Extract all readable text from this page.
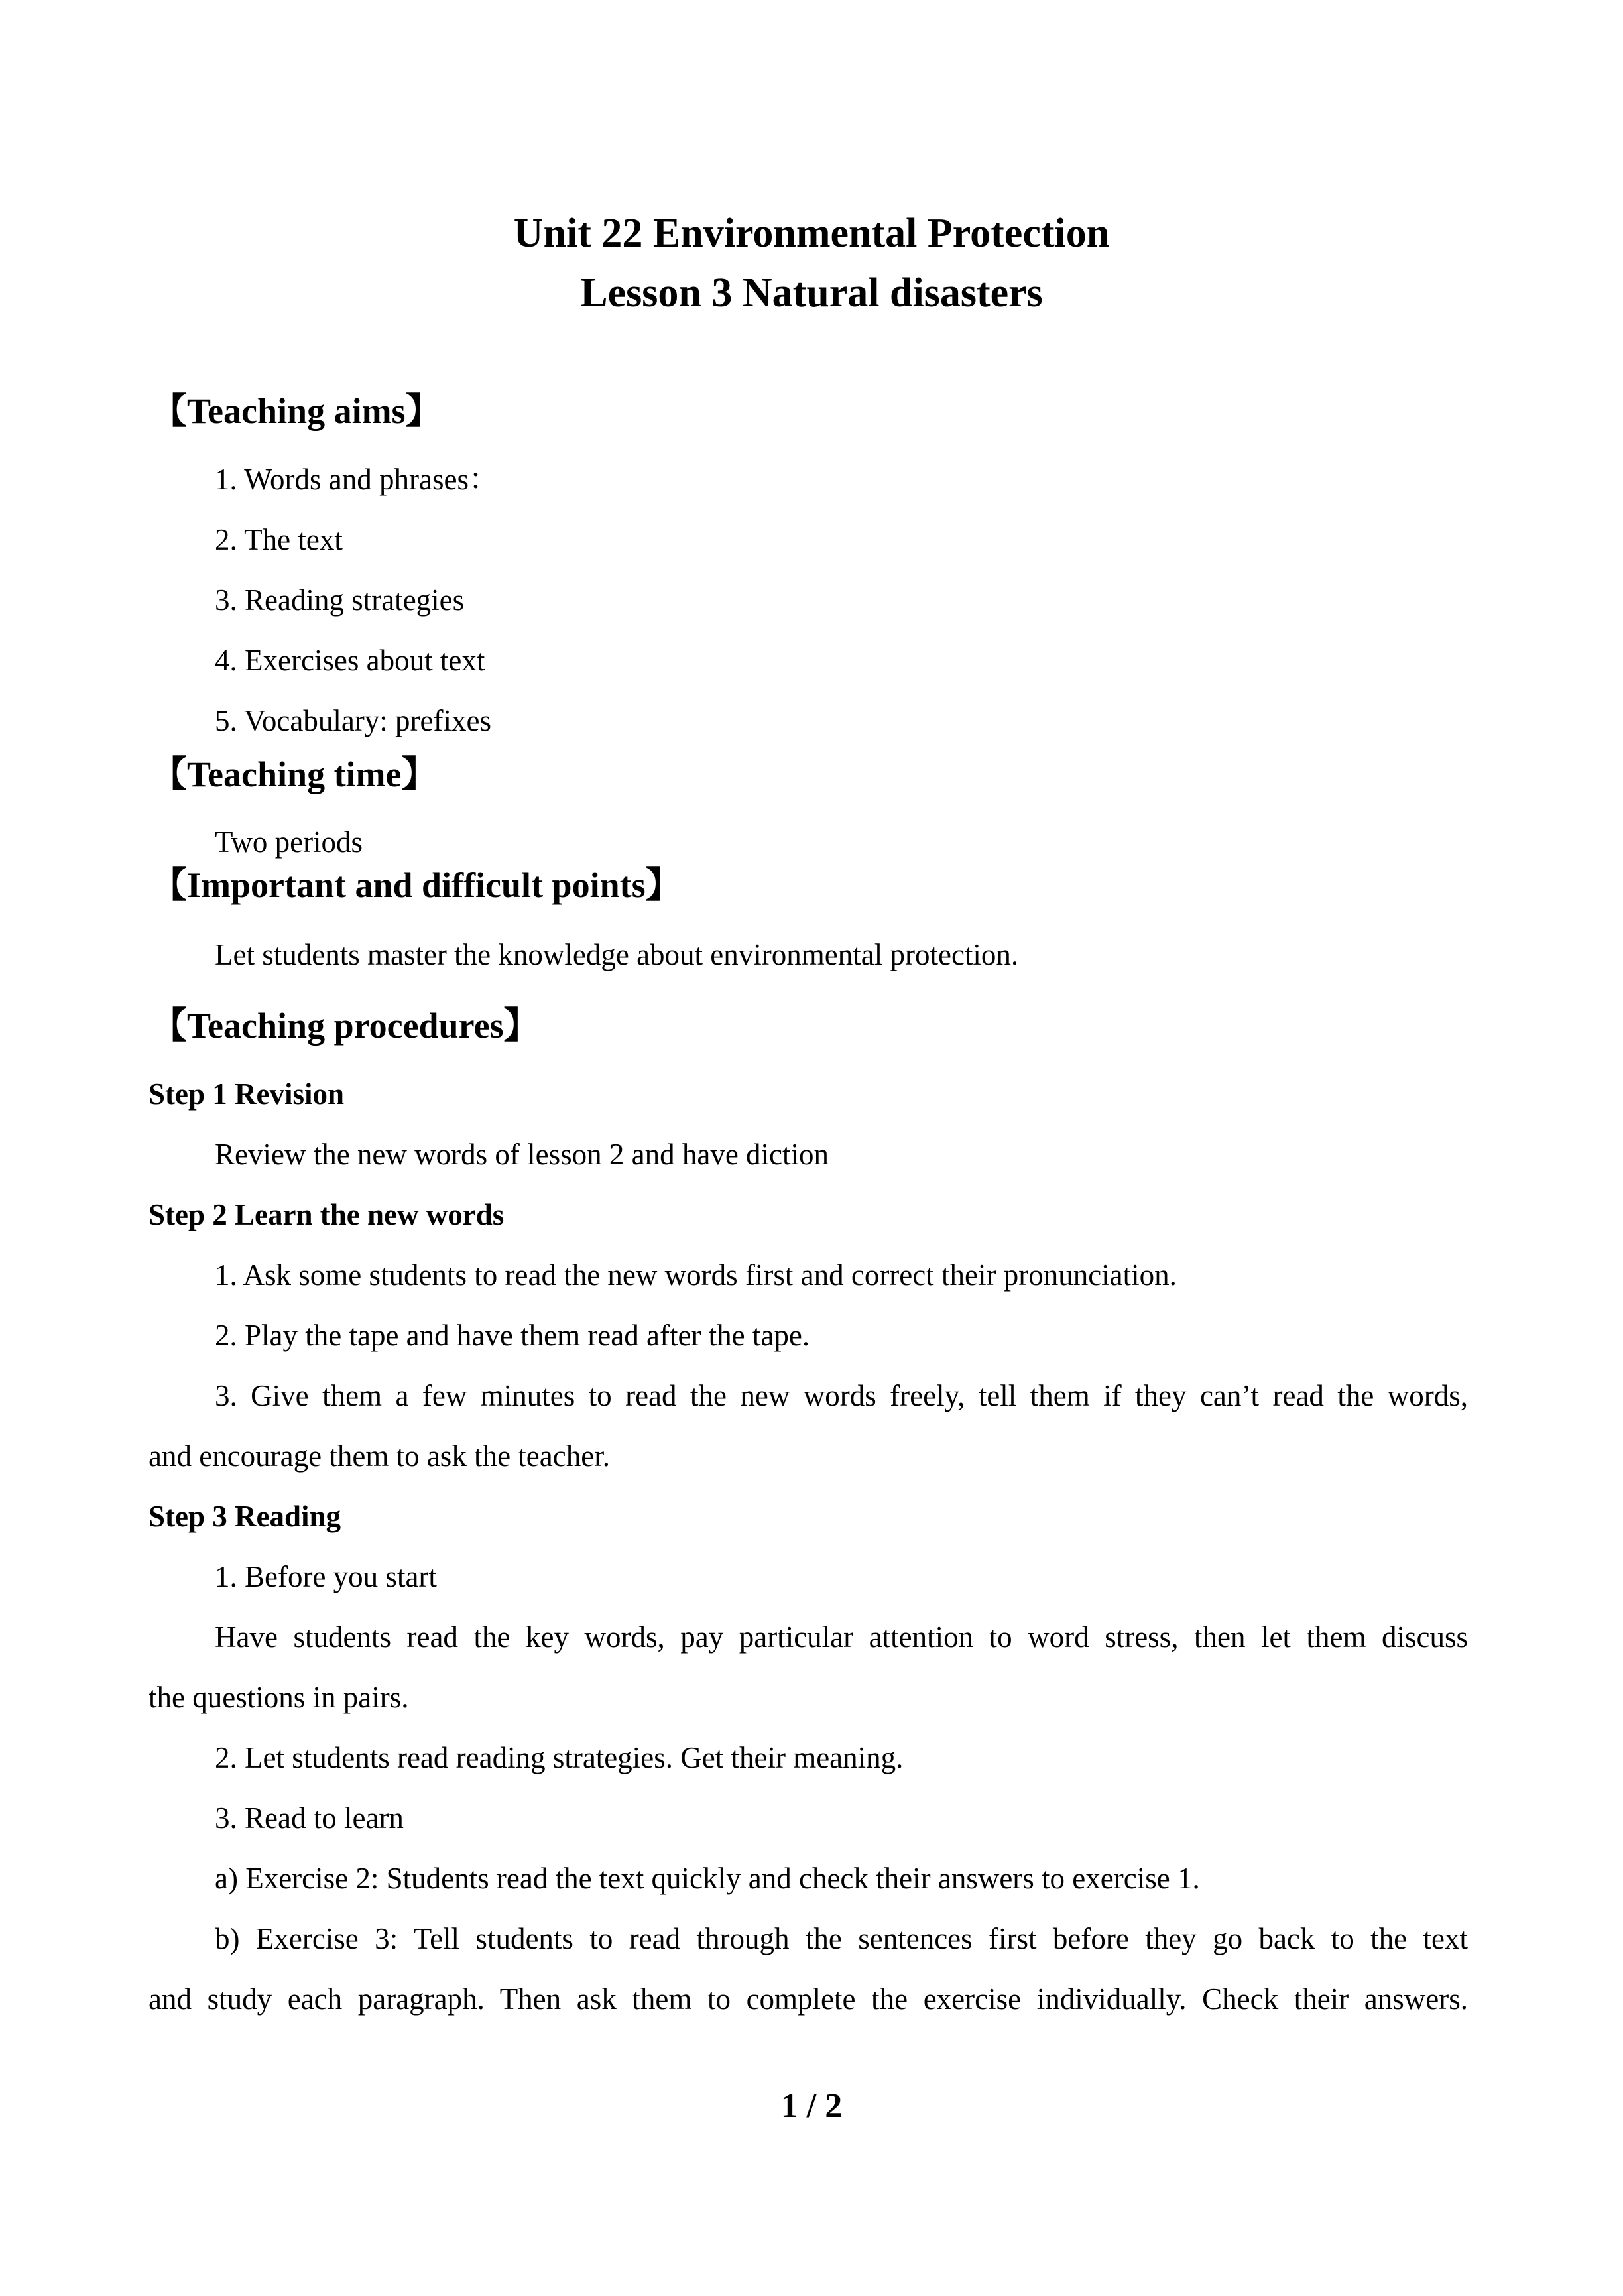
Unit 22 Environmental Protection
Lesson 3 Natural disasters
【Teaching aims】
1. Words and phrases：
2. The text
3. Reading strategies
4. Exercises about text
5. Vocabulary: prefixes
【Teaching time】
Two periods
【Important and difficult points】
Let students master the knowledge about environmental protection.
【Teaching procedures】
Step 1 Revision
Review the new words of lesson 2 and have diction
Step 2 Learn the new words
1. Ask some students to read the new words first and correct their pronunciation.
2. Play the tape and have them read after the tape.
3. Give them a few minutes to read the new words freely, tell them if they can’t read the words,
and encourage them to ask the teacher.
Step 3 Reading
1. Before you start
Have students read the key words, pay particular attention to word stress, then let them discuss
the questions in pairs.
2. Let students read reading strategies. Get their meaning.
3. Read to learn
a) Exercise 2: Students read the text quickly and check their answers to exercise 1.
b) Exercise 3: Tell students to read through the sentences first before they go back to the text
and study each paragraph. Then ask them to complete the exercise individually. Check their answers.
1 / 2
